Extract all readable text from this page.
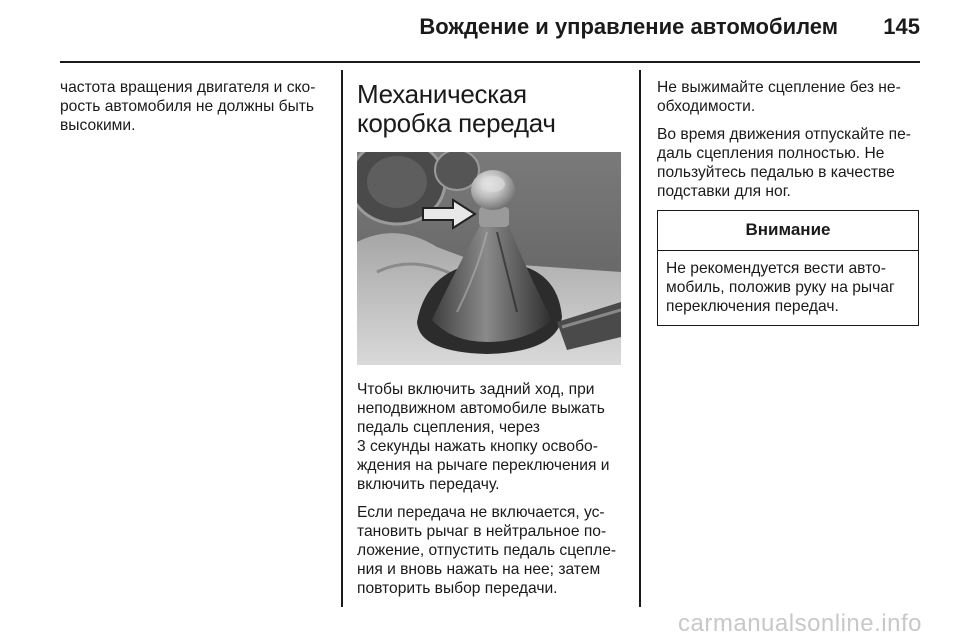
Вождение и управление автомобилем 145

частота вращения двигателя и ско-
рость автомобиля не должны быть
высокими.

Механическая
коробка передач

Чтобы включить задний ход, при
неподвижном автомобиле выжать
педаль сцепления, через
3 секунды нажать кнопку освобо-
ждения на рычаге переключения и
включить передачу.

Если передача не включается, ус-
тановить рычаг в нейтральное по-
ложение, отпустить педаль сцепле-
ния и вновь нажать на нее; затем
повторить выбор передачи.

Не выжимайте сцепление без не-
обходимости.

Во время движения отпускайте пе-
даль сцепления полностью. Не
пользуйтесь педалью в качестве
подставки для ног.

Внимание
Не рекомендуется вести авто-
мобиль, положив руку на рычаг
переключения передач.
carmanualsonline.info
